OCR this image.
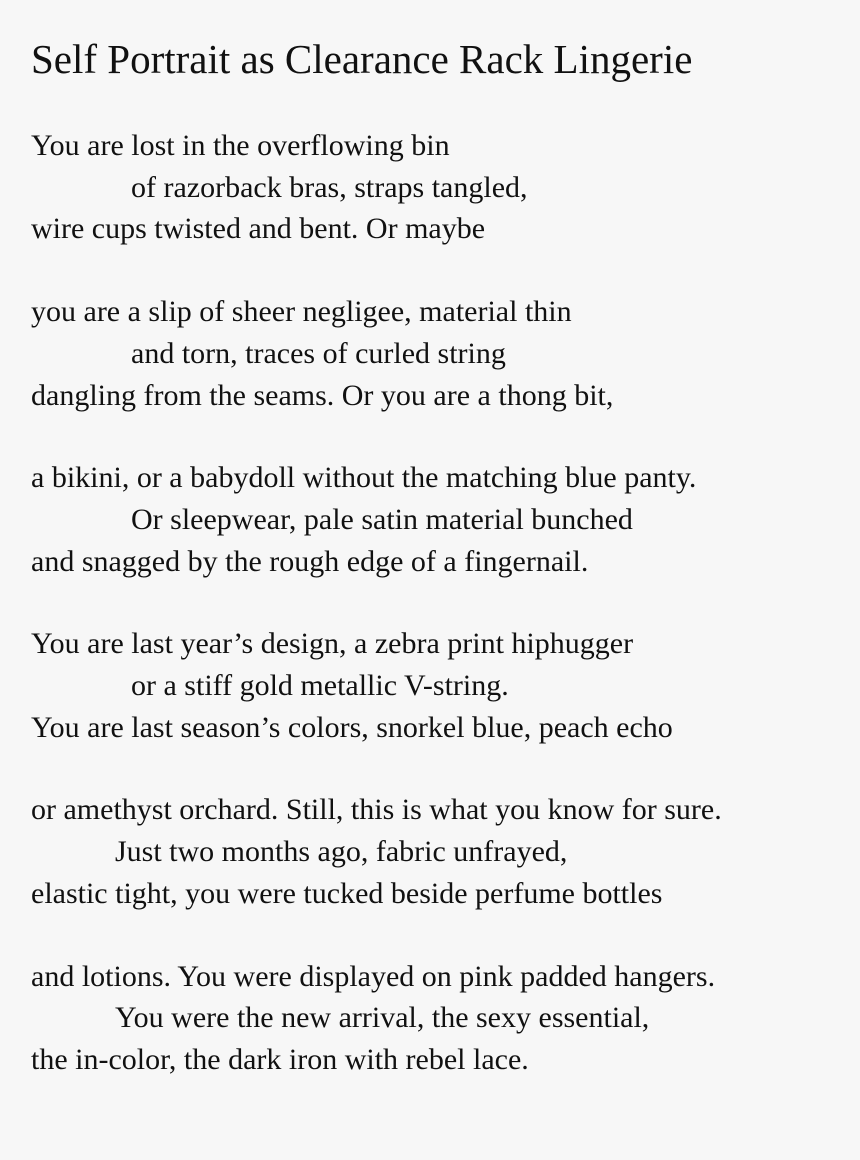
Self Portrait as Clearance Rack Lingerie
You are lost in the overflowing bin
of razorback bras, straps tangled,
wire cups twisted and bent. Or maybe
you are a slip of sheer negligee, material thin
and torn, traces of curled string
dangling from the seams. Or you are a thong bit,
a bikini, or a babydoll without the matching blue panty.
Or sleepwear, pale satin material bunched
and snagged by the rough edge of a fingernail.
You are last year’s design, a zebra print hiphugger
or a stiff gold metallic V-string.
You are last season’s colors, snorkel blue, peach echo
or amethyst orchard. Still, this is what you know for sure.
Just two months ago, fabric unfrayed,
elastic tight, you were tucked beside perfume bottles
and lotions. You were displayed on pink padded hangers.
You were the new arrival, the sexy essential,
the in-color, the dark iron with rebel lace.
